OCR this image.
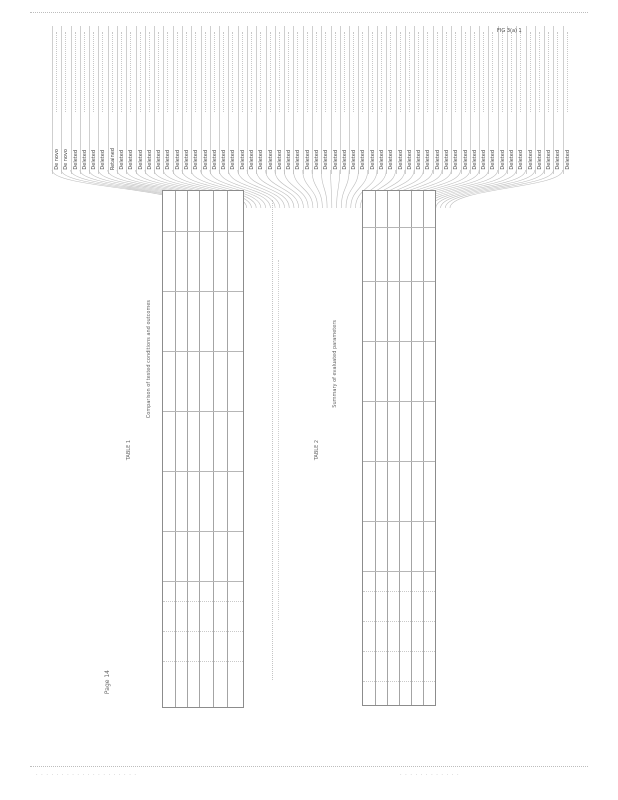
De novo De novo Deleted Deleted Deleted Deleted Retained Deleted Deleted Deleted Deleted Deleted Deleted Deleted Deleted Deleted Deleted Deleted Deleted Deleted Deleted Deleted Deleted Deleted Deleted Deleted Deleted Deleted Deleted Deleted Deleted Deleted Deleted Deleted Deleted Deleted Deleted Deleted Deleted Deleted Deleted Deleted Deleted Deleted Deleted Deleted Deleted Deleted Deleted Deleted Deleted Deleted Deleted Deleted Deleted Deleted
FIG 3(a) 1
Page 14
TABLE 1
Comparison of tested conditions and outcomes
TABLE 2
Summary of evaluated parameters
· · · · · · · · · · · · · · · · · · · ·	· · · · · · · · · · · ·
